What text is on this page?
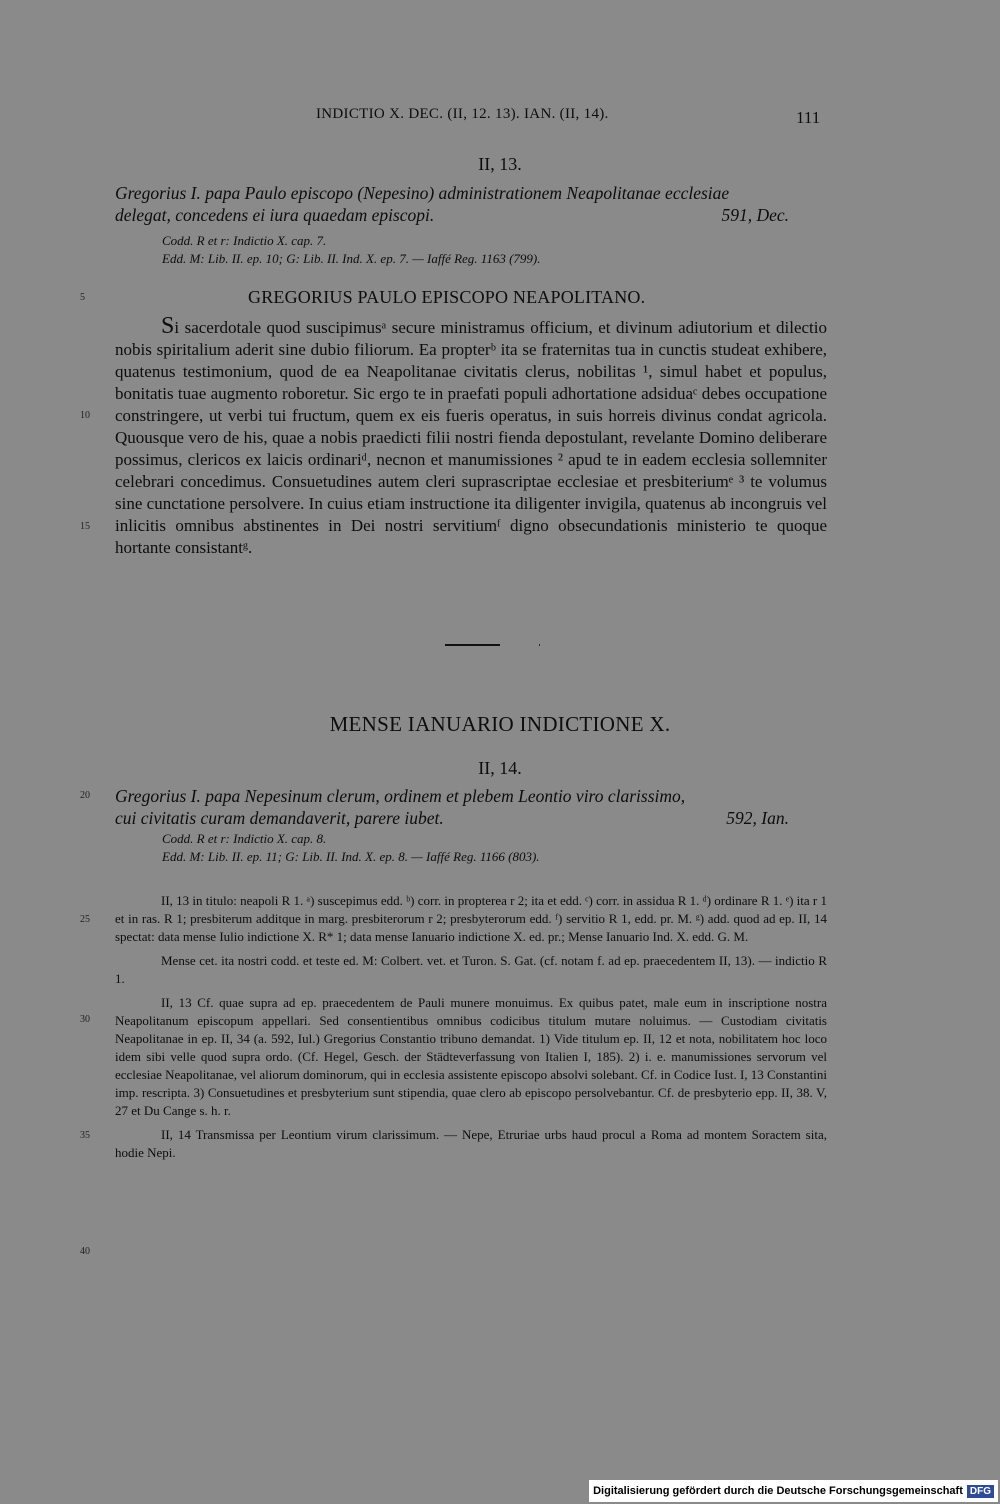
INDICTIO X. DEC. (II, 12. 13). IAN. (II, 14).	111
II, 13.
Gregorius I. papa Paulo episcopo (Nepesino) administrationem Neapolitanae ecclesiae
delegat, concedens ei iura quaedam episcopi.	591, Dec.
Codd. R et r: Indictio X. cap. 7.
Edd. M: Lib. II. ep. 10; G: Lib. II. Ind. X. ep. 7. — Iaffé Reg. 1163 (799).
GREGORIUS PAULO EPISCOPO NEAPOLITANO.

Si sacerdotale quod suscipimusᵃ secure ministramus officium, et divinum adiutorium et dilectio nobis spiritalium aderit sine dubio filiorum. Ea propterᵇ ita se fraternitas tua in cunctis studeat exhibere, quatenus testimonium, quod de ea Neapolitanae civitatis clerus, nobilitas ¹, simul habet et populus, bonitatis tuae augmento roboretur. Sic ergo te in praefati populi adhortatione adsiduaᶜ debes occupatione constringere, ut verbi tui fructum, quem ex eis fueris operatus, in suis horreis divinus condat agricola. Quousque vero de his, quae a nobis praedicti filii nostri fienda depostulant, revelante Domino deliberare possimus, clericos ex laicis ordinariᵈ, necnon et manumissiones ² apud te in eadem ecclesia sollemniter celebrari concedimus. Consuetudines autem cleri suprascriptae ecclesiae et presbiteriumᵉ ³ te volumus sine cunctatione persolvere. In cuius etiam instructione ita diligenter invigila, quatenus ab incongruis vel inlicitis omnibus abstinentes in Dei nostri servitiumᶠ digno obsecundationis ministerio te quoque hortante consistantᵍ.

MENSE IANUARIO INDICTIONE X.
II, 14.
Gregorius I. papa Nepesinum clerum, ordinem et plebem Leontio viro clarissimo,
cui civitatis curam demandaverit, parere iubet.	592, Ian.
Codd. R et r: Indictio X. cap. 8.
Edd. M: Lib. II. ep. 11; G: Lib. II. Ind. X. ep. 8. — Iaffé Reg. 1166 (803).

II, 13 in titulo: neapoli R 1. ᵃ) suscepimus edd. ᵇ) corr. in propterea r 2; ita et edd. ᶜ) corr. in assidua R 1. ᵈ) ordinare R 1. ᵉ) ita r 1 et in ras. R 1; presbiterum additque in marg. presbiterorum r 2; presbyterorum edd. ᶠ) servitio R 1, edd. pr. M. ᵍ) add. quod ad ep. II, 14 spectat: data mense Iulio indictione X. R* 1; data mense Ianuario indictione X. ed. pr.; Mense Ianuario Ind. X. edd. G. M.

Mense cet. ita nostri codd. et teste ed. M: Colbert. vet. et Turon. S. Gat. (cf. notam f. ad ep. praecedentem II, 13). — indictio R 1.

II, 13 Cf. quae supra ad ep. praecedentem de Pauli munere monuimus. Ex quibus patet, male eum in inscriptione nostra Neapolitanum episcopum appellari. Sed consentientibus omnibus codicibus titulum mutare noluimus. — Custodiam civitatis Neapolitanae in ep. II, 34 (a. 592, Iul.) Gregorius Constantio tribuno demandat. 1) Vide titulum ep. II, 12 et nota, nobilitatem hoc loco idem sibi velle quod supra ordo. (Cf. Hegel, Gesch. der Städteverfassung von Italien I, 185). 2) i. e. manumissiones servorum vel ecclesiae Neapolitanae, vel aliorum dominorum, qui in ecclesia assistente episcopo absolvi solebant. Cf. in Codice Iust. I, 13 Constantini imp. rescripta. 3) Consuetudines et presbyterium sunt stipendia, quae clero ab episcopo persolvebantur. Cf. de presbyterio epp. II, 38. V, 27 et Du Cange s. h. r.

II, 14 Transmissa per Leontium virum clarissimum. — Nepe, Etruriae urbs haud procul a Roma ad montem Soractem sita, hodie Nepi.

5
10
15
20
25
30
35
40
Digitalisierung gefördert durch die Deutsche Forschungsgemeinschaft DFG
